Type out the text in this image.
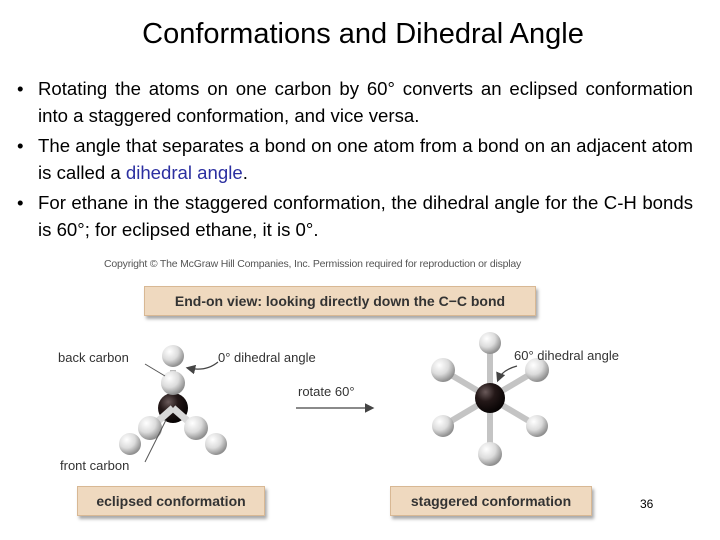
Conformations and Dihedral Angle
• Rotating the atoms on one carbon by 60° converts an eclipsed conformation into a staggered conformation, and vice versa.
• The angle that separates a bond on one atom from a bond on an adjacent atom is called a dihedral angle.
• For ethane in the staggered conformation, the dihedral angle for the C-H bonds is 60°; for eclipsed ethane, it is 0°.
Copyright © The McGraw Hill Companies, Inc. Permission required for reproduction or display
End-on view: looking directly down the C−C bond
back carbon
front carbon
0° dihedral angle
rotate 60°
60° dihedral angle
eclipsed conformation	staggered conformation	36
